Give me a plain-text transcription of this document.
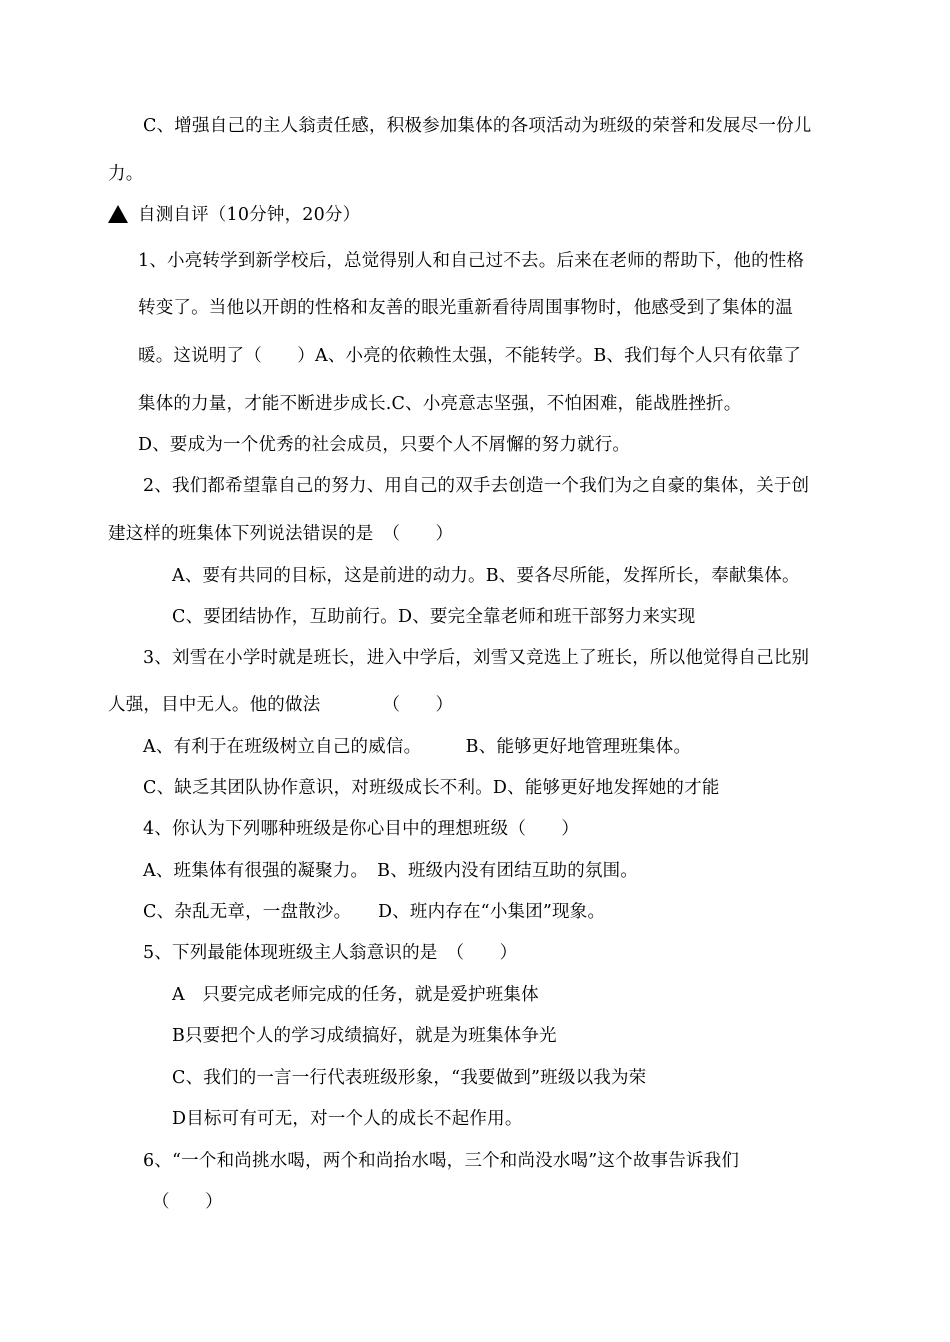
C、增强自己的主人翁责任感，积极参加集体的各项活动为班级的荣誉和发展尽一份儿
力。
自测自评（10分钟，20分）
1、小亮转学到新学校后，总觉得别人和自己过不去。后来在老师的帮助下，他的性格
转变了。当他以开朗的性格和友善的眼光重新看待周围事物时，他感受到了集体的温
暖。这说明了（　　）A、小亮的依赖性太强，不能转学。B、我们每个人只有依靠了
集体的力量，才能不断进步成长.C、小亮意志坚强，不怕困难，能战胜挫折。
D、要成为一个优秀的社会成员，只要个人不屑懈的努力就行。
2、我们都希望靠自己的努力、用自己的双手去创造一个我们为之自豪的集体，关于创
建这样的班集体下列说法错误的是　（　　）
A、要有共同的目标，这是前进的动力。B、要各尽所能，发挥所长，奉献集体。
C、要团结协作，互助前行。D、要完全靠老师和班干部努力来实现
3、刘雪在小学时就是班长，进入中学后，刘雪又竞选上了班长，所以他觉得自己比别
人强，目中无人。他的做法　　　　（　　）
A、有利于在班级树立自己的威信。　　　B、能够更好地管理班集体。
C、缺乏其团队协作意识，对班级成长不利。D、能够更好地发挥她的才能
4、你认为下列哪种班级是你心目中的理想班级（　　）
A、班集体有很强的凝聚力。　B、班级内没有团结互助的氛围。
C、杂乱无章，一盘散沙。　　D、班内存在“小集团”现象。
5、下列最能体现班级主人翁意识的是　（　　）
A　只要完成老师完成的任务，就是爱护班集体
B只要把个人的学习成绩搞好，就是为班集体争光
C、我们的一言一行代表班级形象，“我要做到”班级以我为荣
D目标可有可无，对一个人的成长不起作用。
6、“一个和尚挑水喝，两个和尚抬水喝，三个和尚没水喝”这个故事告诉我们
（　　）
